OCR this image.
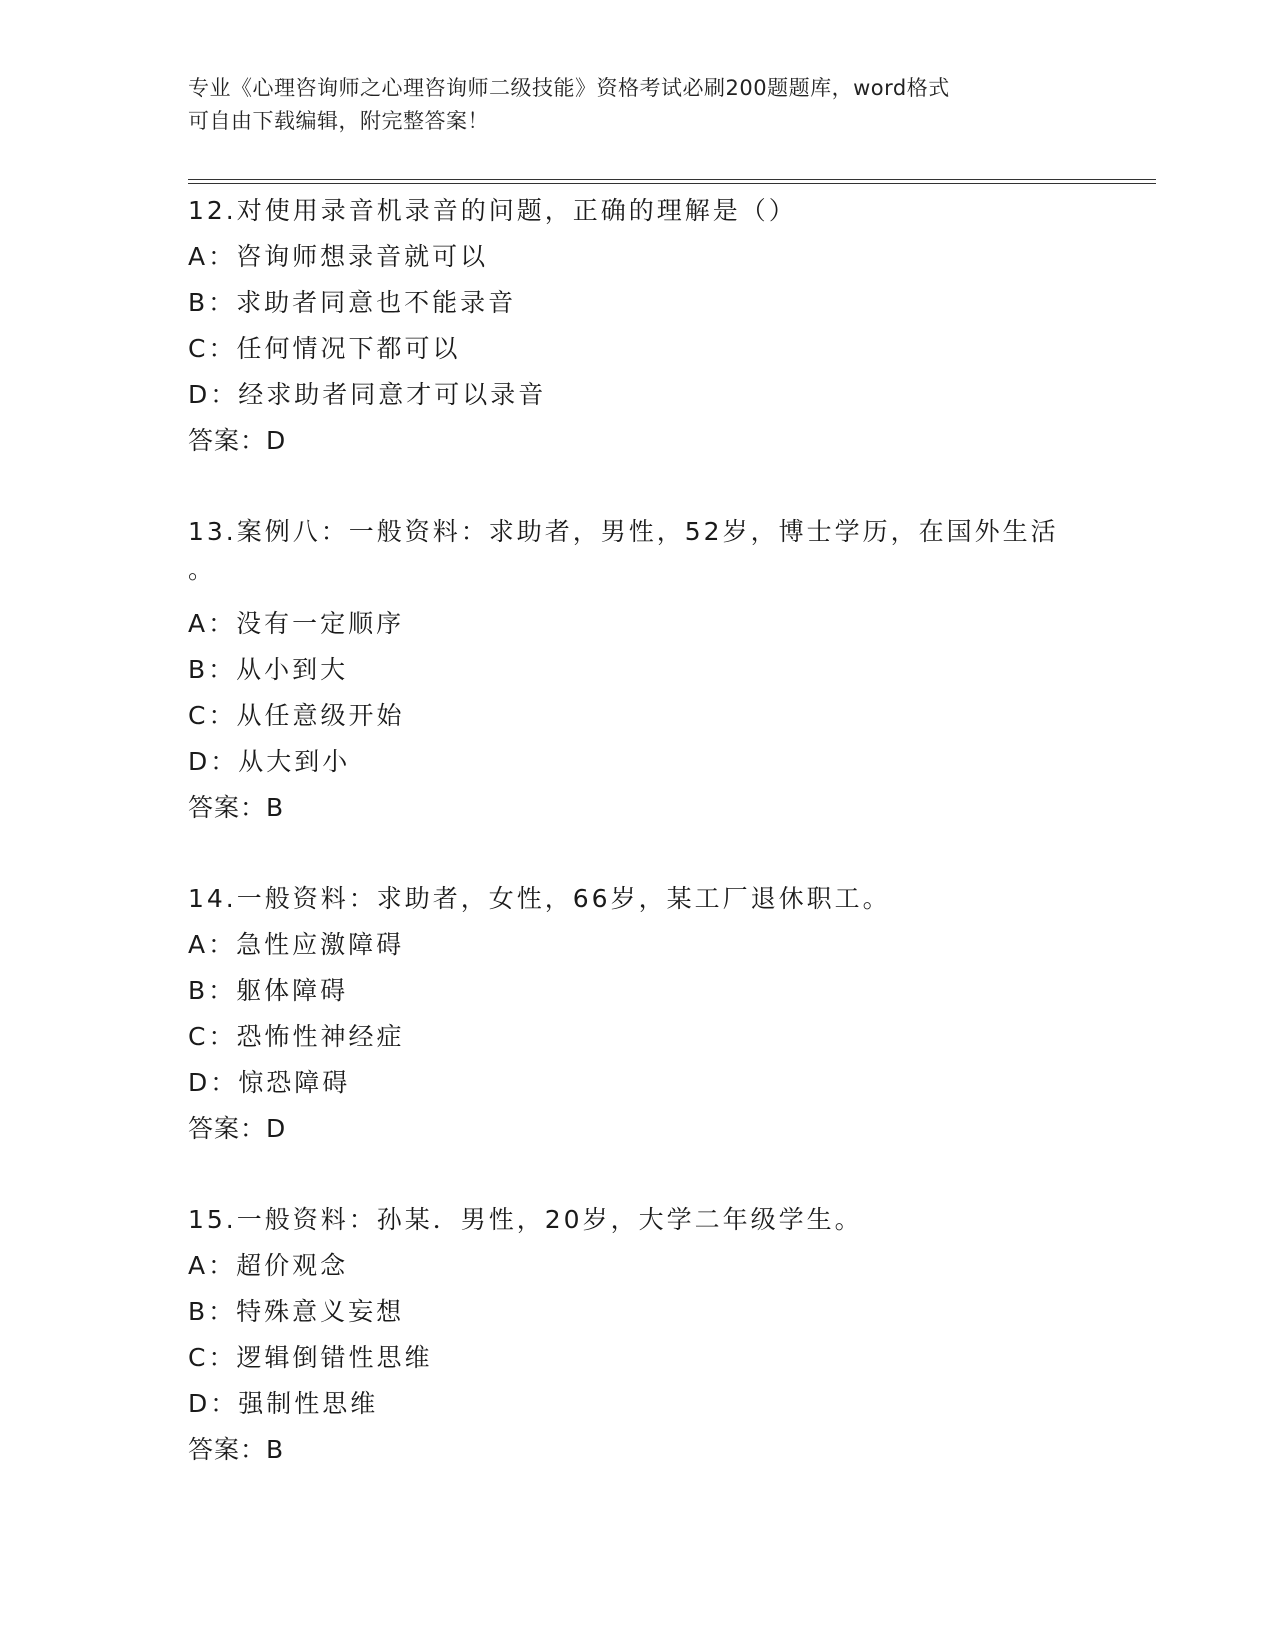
专业《心理咨询师之心理咨询师二级技能》资格考试必刷200题题库，word格式
可自由下载编辑，附完整答案！
12.对使用录音机录音的问题，正确的理解是（）
A：咨询师想录音就可以
B：求助者同意也不能录音
C：任何情况下都可以
D：经求助者同意才可以录音
答案：D
13.案例八：一般资料：求助者，男性，52岁，博士学历，在国外生活
。
A：没有一定顺序
B：从小到大
C：从任意级开始
D：从大到小
答案：B
14.一般资料：求助者，女性，66岁，某工厂退休职工。
A：急性应激障碍
B：躯体障碍
C：恐怖性神经症
D：惊恐障碍
答案：D
15.一般资料：孙某．男性，20岁，大学二年级学生。
A：超价观念
B：特殊意义妄想
C：逻辑倒错性思维
D：强制性思维
答案：B
